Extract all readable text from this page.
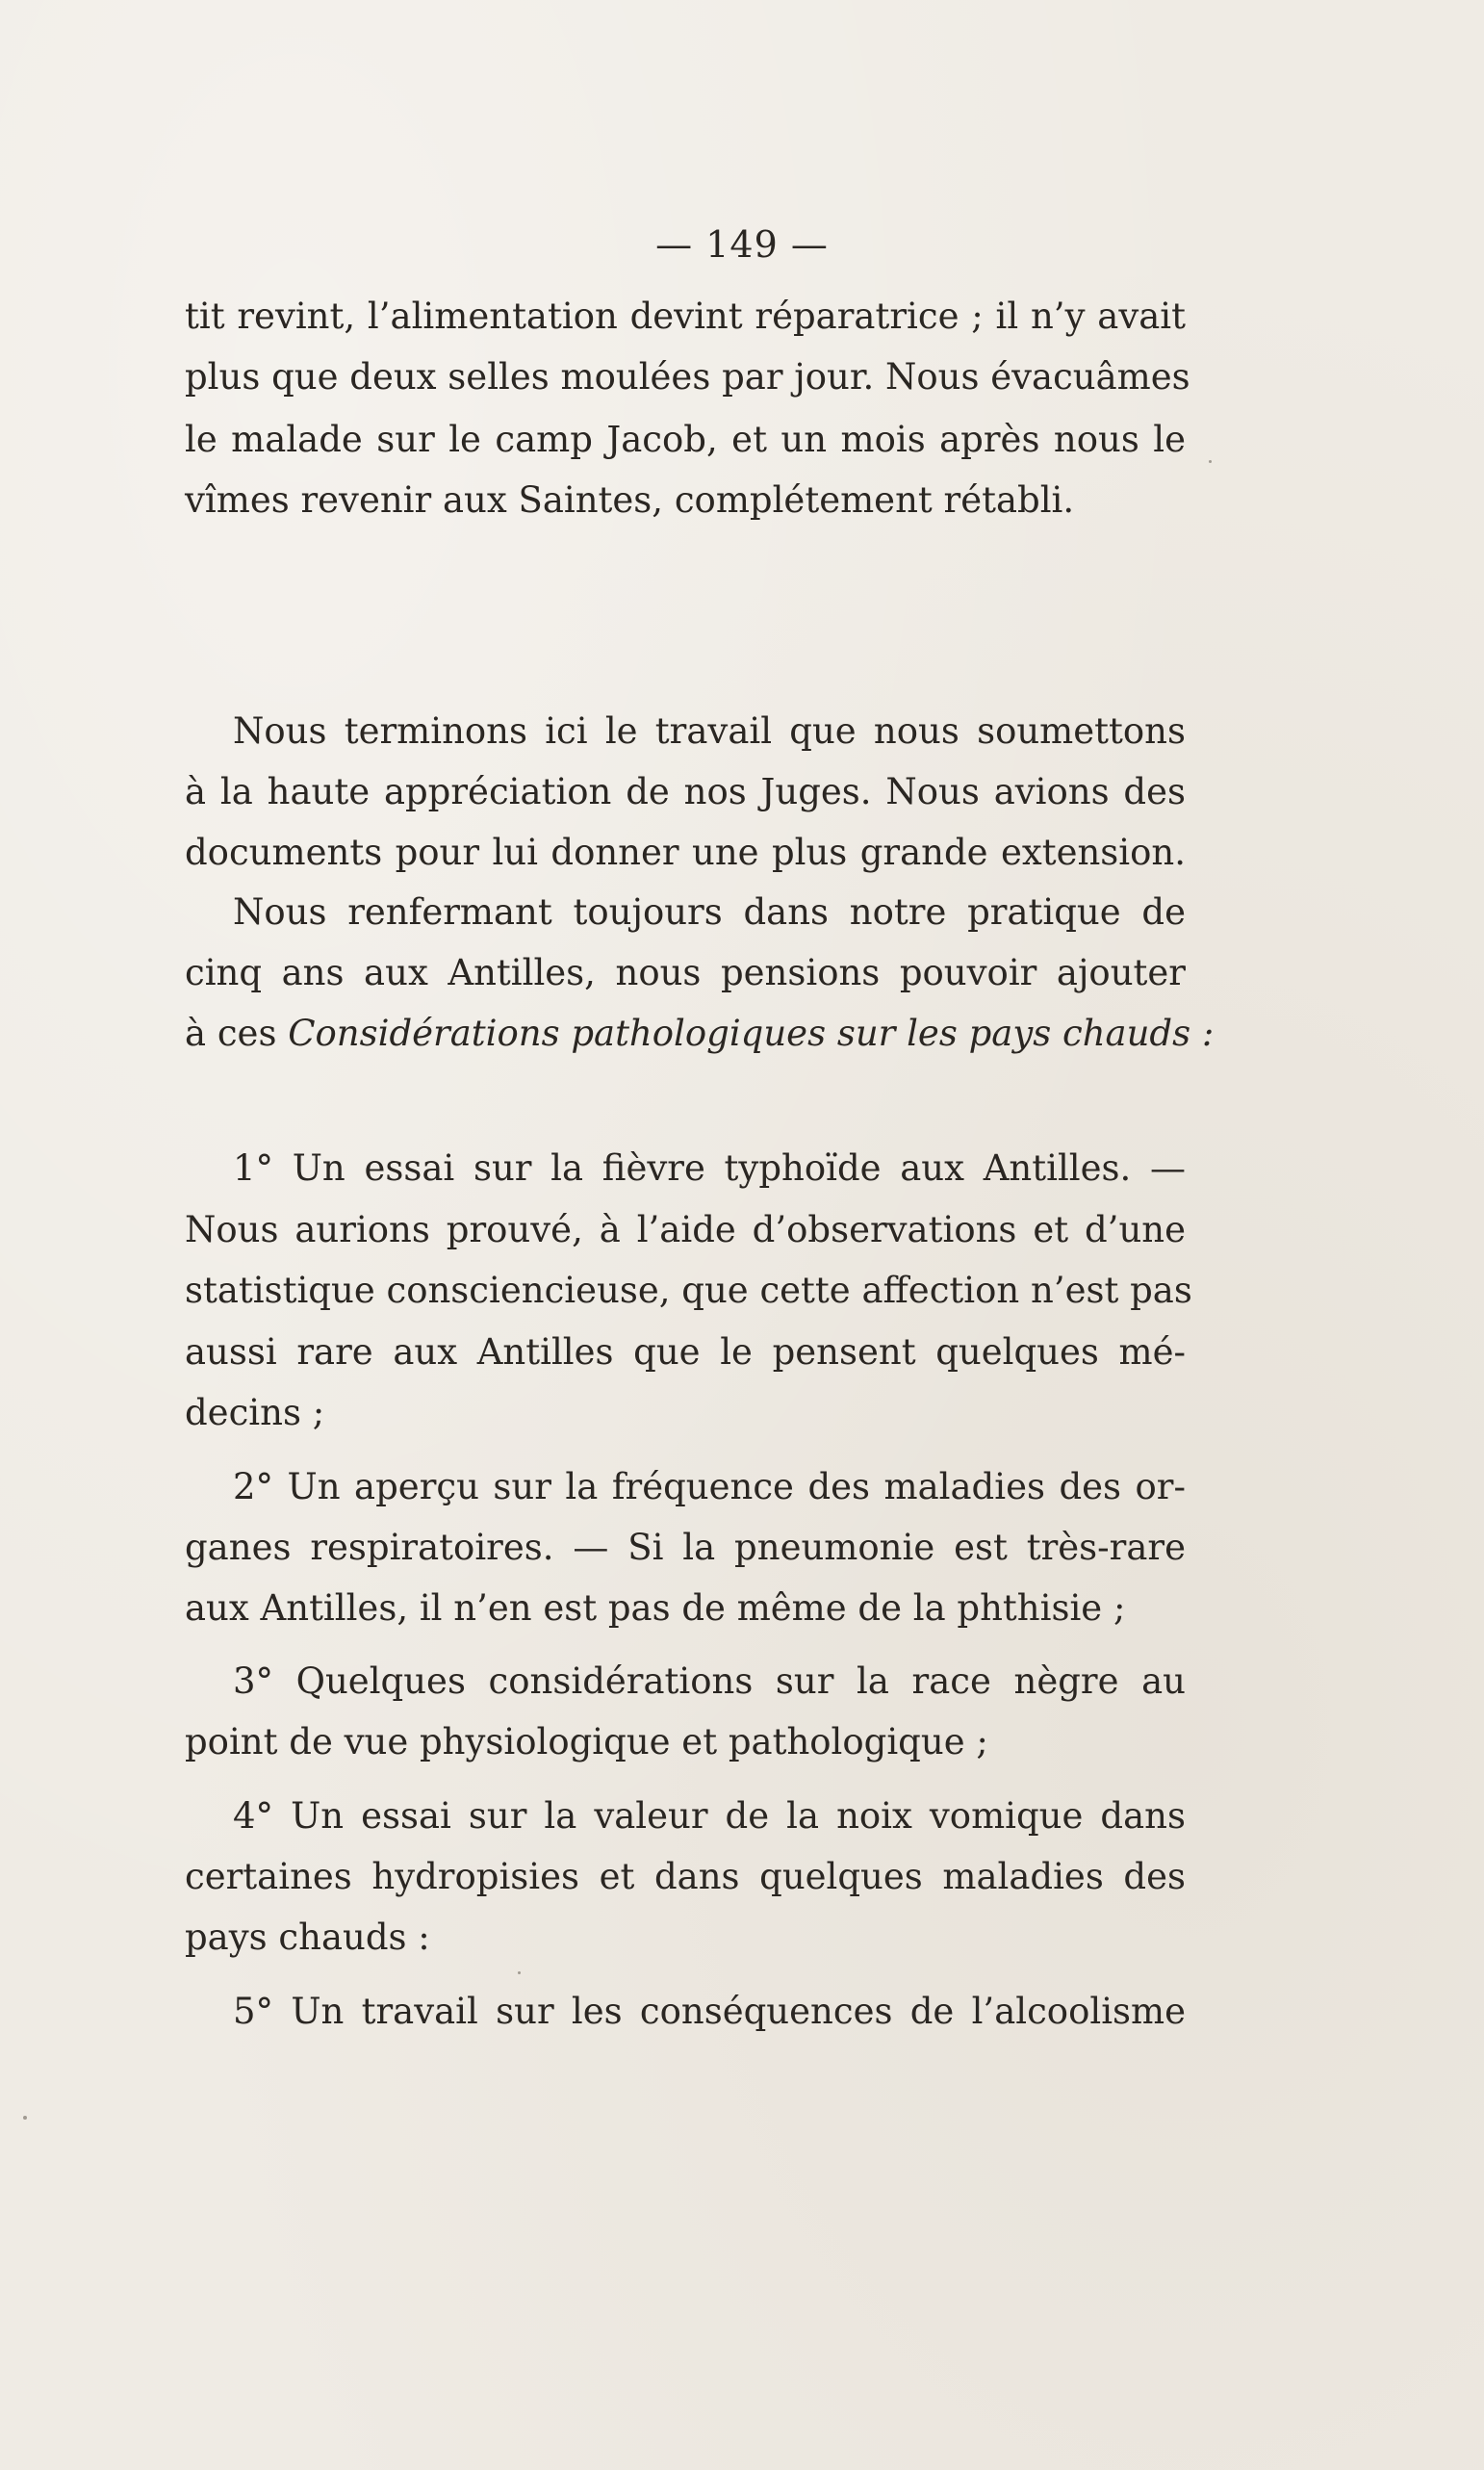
— 149 —
tit revint, l’alimentation devint réparatrice ; il n’y avait
plus que deux selles moulées par jour. Nous évacuâmes
le malade sur le camp Jacob, et un mois après nous le
vîmes revenir aux Saintes, complétement rétabli.
Nous terminons ici le travail que nous soumettons
à la haute appréciation de nos Juges. Nous avions des
documents pour lui donner une plus grande extension.
Nous renfermant toujours dans notre pratique de
cinq ans aux Antilles, nous pensions pouvoir ajouter
à ces Considérations pathologiques sur les pays chauds :
1° Un essai sur la fièvre typhoïde aux Antilles. —
Nous aurions prouvé, à l’aide d’observations et d’une
statistique consciencieuse, que cette affection n’est pas
aussi rare aux Antilles que le pensent quelques mé-
decins ;
2° Un aperçu sur la fréquence des maladies des or-
ganes respiratoires. — Si la pneumonie est très-rare
aux Antilles, il n’en est pas de même de la phthisie ;
3° Quelques considérations sur la race nègre au
point de vue physiologique et pathologique ;
4° Un essai sur la valeur de la noix vomique dans
certaines hydropisies et dans quelques maladies des
pays chauds :
5° Un travail sur les conséquences de l’alcoolisme
